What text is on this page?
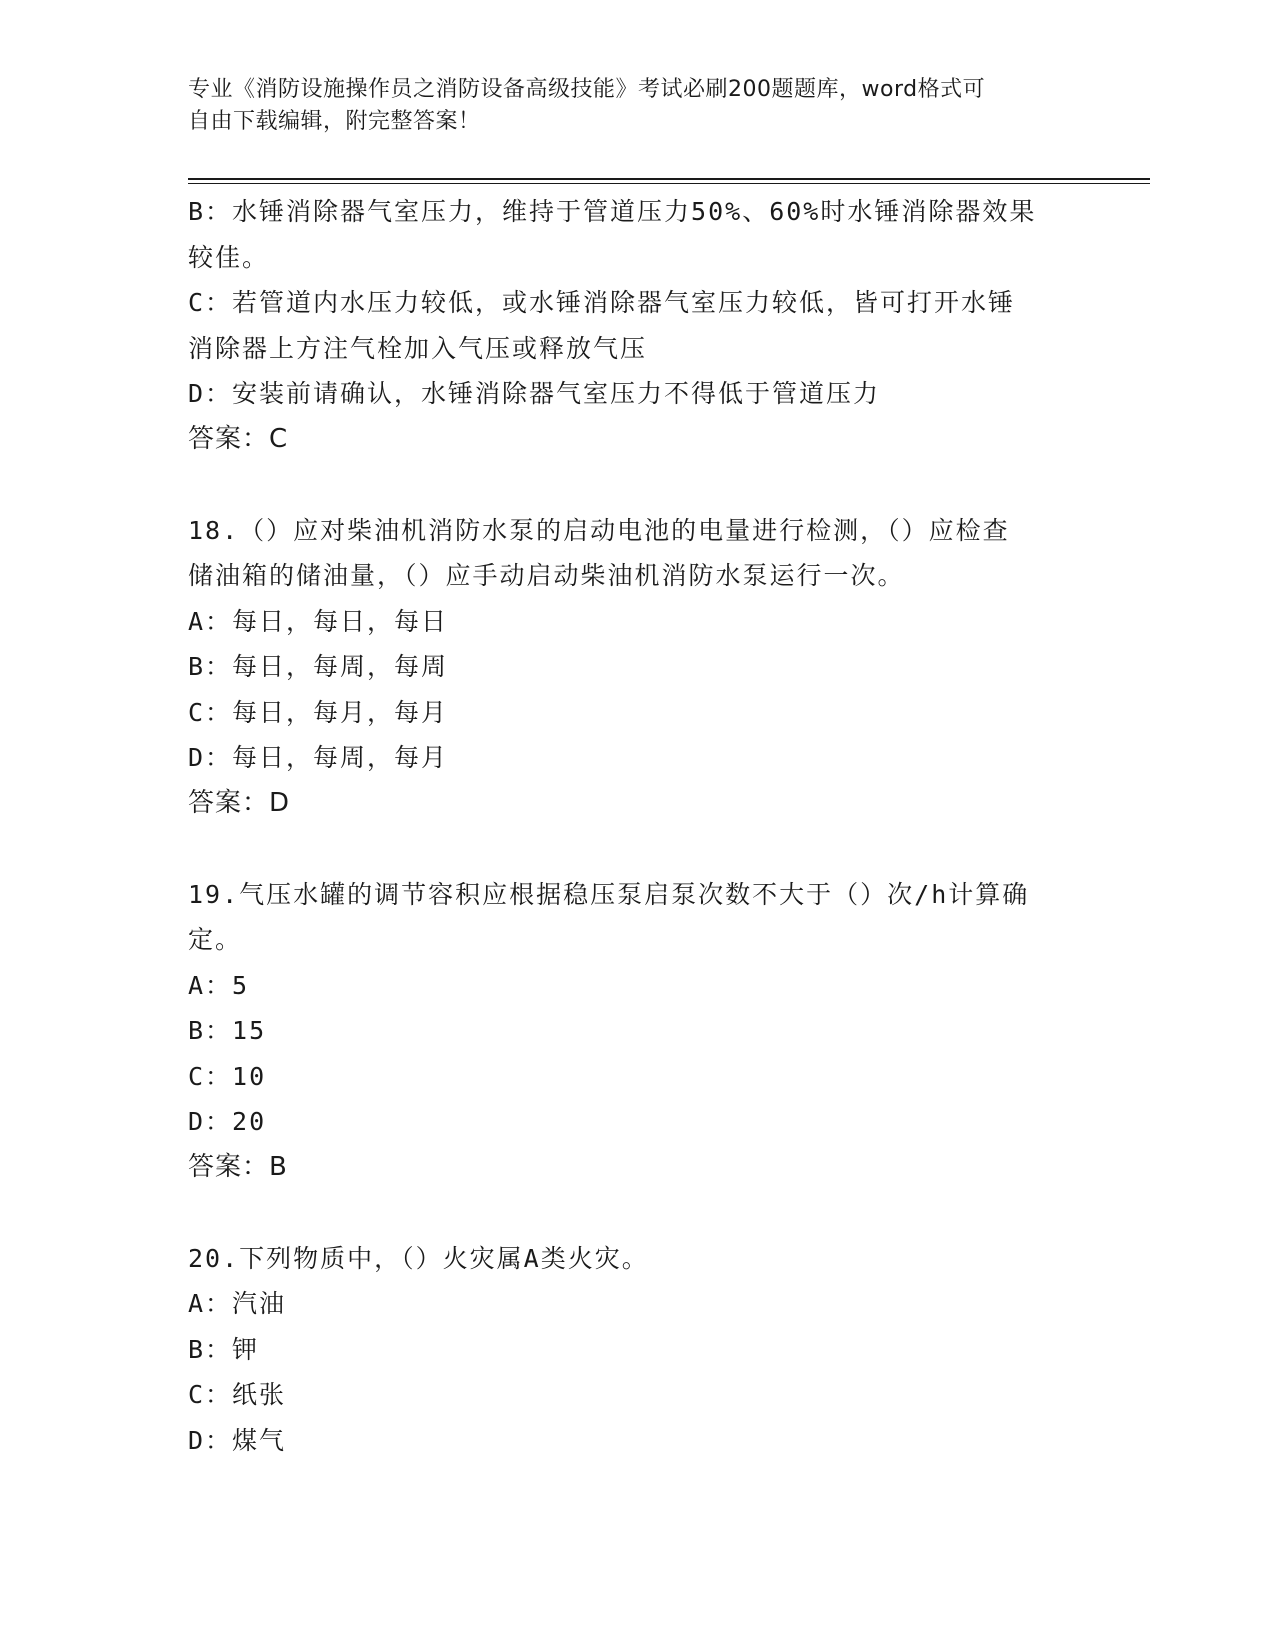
专业《消防设施操作员之消防设备高级技能》考试必刷200题题库，word格式可
自由下载编辑，附完整答案！
B：水锤消除器气室压力，维持于管道压力50%、60%时水锤消除器效果
较佳。
C：若管道内水压力较低，或水锤消除器气室压力较低，皆可打开水锤
消除器上方注气栓加入气压或释放气压
D：安装前请确认，水锤消除器气室压力不得低于管道压力
答案：C
18.（）应对柴油机消防水泵的启动电池的电量进行检测，（）应检查
储油箱的储油量，（）应手动启动柴油机消防水泵运行一次。
A：每日，每日，每日
B：每日，每周，每周
C：每日，每月，每月
D：每日，每周，每月
答案：D
19.气压水罐的调节容积应根据稳压泵启泵次数不大于（）次/h计算确
定。
A：5
B：15
C：10
D：20
答案：B
20.下列物质中，（）火灾属A类火灾。
A：汽油
B：钾
C：纸张
D：煤气
